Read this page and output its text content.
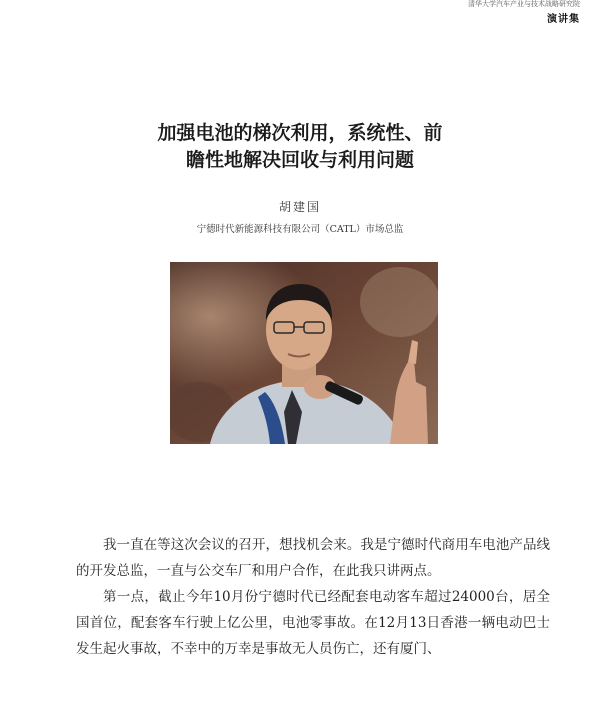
清华大学汽车产业与技术战略研究院
演讲集
加强电池的梯次利用，系统性、前
瞻性地解决回收与利用问题
胡建国
宁德时代新能源科技有限公司（CATL）市场总监

我一直在等这次会议的召开，想找机会来。我是宁德时代商用车电池产品线的开发总监，一直与公交车厂和用户合作，在此我只讲两点。

第一点，截止今年10月份宁德时代已经配套电动客车超过24000台，居全国首位，配套客车行驶上亿公里，电池零事故。在12月13日香港一辆电动巴士发生起火事故，不幸中的万幸是事故无人员伤亡，还有厦门、
